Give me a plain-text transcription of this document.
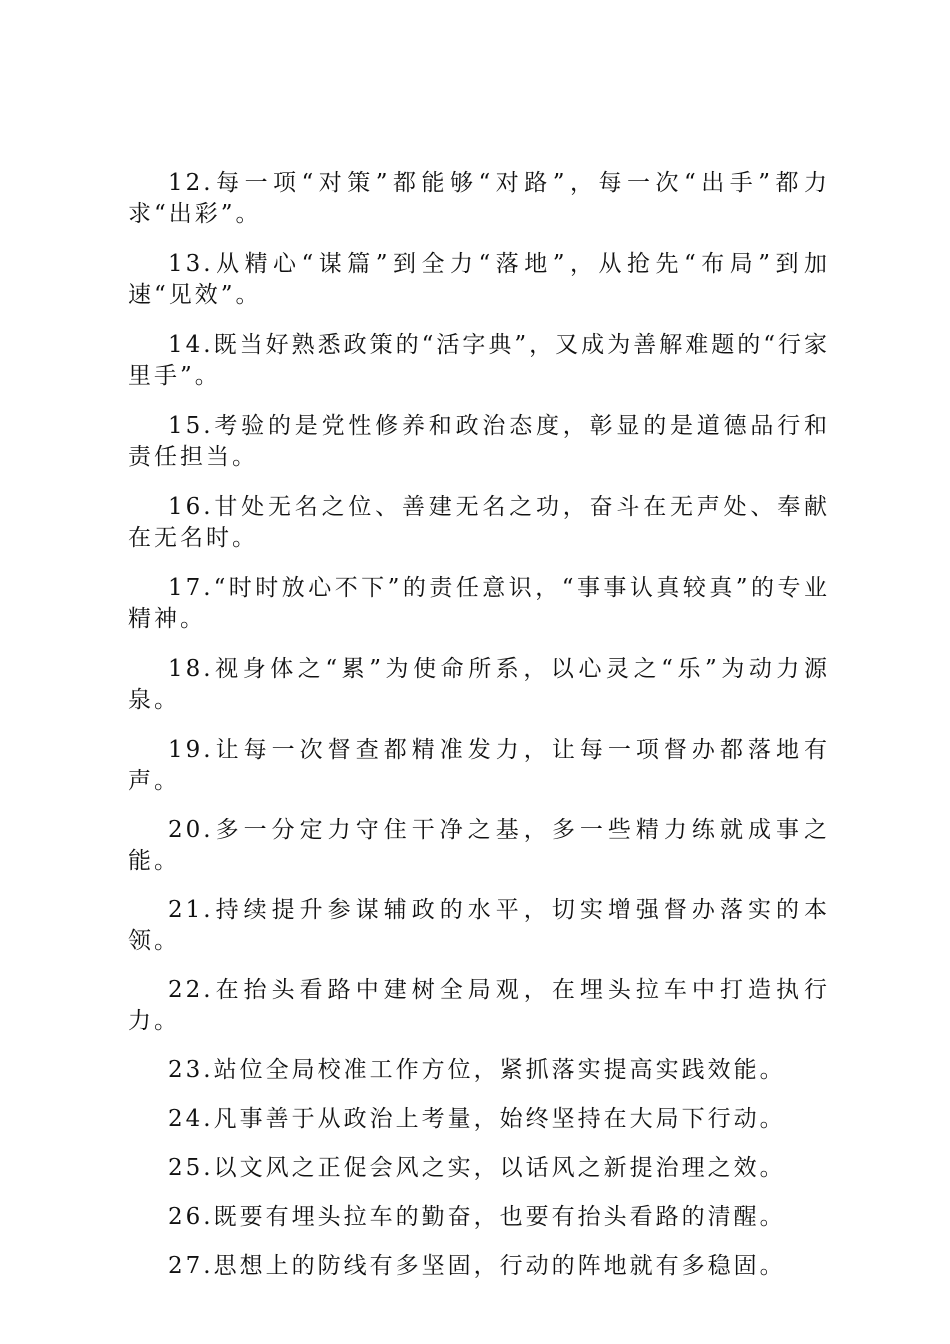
12.每一项“对策”都能够“对路”，每一次“出手”都力求“出彩”。

13.从精心“谋篇”到全力“落地”，从抢先“布局”到加速“见效”。

14.既当好熟悉政策的“活字典”，又成为善解难题的“行家里手”。

15.考验的是党性修养和政治态度，彰显的是道德品行和责任担当。

16.甘处无名之位、善建无名之功，奋斗在无声处、奉献在无名时。

17.“时时放心不下”的责任意识，“事事认真较真”的专业精神。

18.视身体之“累”为使命所系，以心灵之“乐”为动力源泉。

19.让每一次督查都精准发力，让每一项督办都落地有声。

20.多一分定力守住干净之基，多一些精力练就成事之能。

21.持续提升参谋辅政的水平，切实增强督办落实的本领。

22.在抬头看路中建树全局观，在埋头拉车中打造执行力。

23.站位全局校准工作方位，紧抓落实提高实践效能。

24.凡事善于从政治上考量，始终坚持在大局下行动。

25.以文风之正促会风之实，以话风之新提治理之效。

26.既要有埋头拉车的勤奋，也要有抬头看路的清醒。

27.思想上的防线有多坚固，行动的阵地就有多稳固。
